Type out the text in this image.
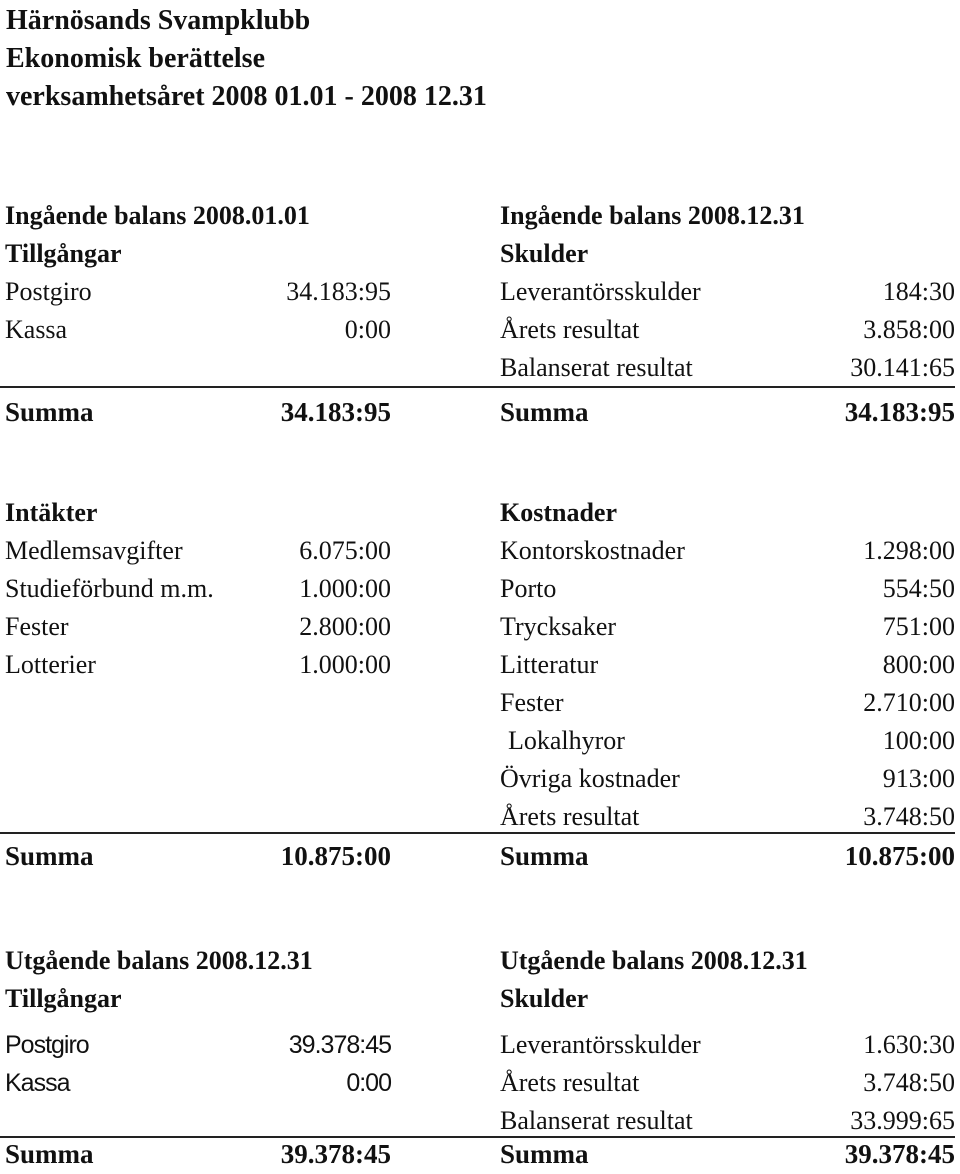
Härnösands Svampklubb
Ekonomisk berättelse
verksamhetsåret 2008 01.01 - 2008 12.31
Ingående balans 2008.01.01
Tillgångar
Postgiro	34.183:95
Kassa	0:00
Ingående balans 2008.12.31
Skulder
Leverantörsskulder	184:30
Årets resultat	3.858:00
Balanserat resultat	30.141:65
Summa	34.183:95	Summa	34.183:95
Intäkter
Medlemsavgifter	6.075:00
Studieförbund m.m.	1.000:00
Fester	2.800:00
Lotterier	1.000:00
Kostnader
Kontorskostnader	1.298:00
Porto	554:50
Trycksaker	751:00
Litteratur	800:00
Fester	2.710:00
Lokalhyror	100:00
Övriga kostnader	913:00
Årets resultat	3.748:50
Summa	10.875:00	Summa	10.875:00
Utgående balans 2008.12.31
Tillgångar
Postgiro	39.378:45
Kassa	0:00
Utgående balans 2008.12.31
Skulder
Leverantörsskulder	1.630:30
Årets resultat	3.748:50
Balanserat resultat	33.999:65
Summa	39.378:45	Summa	39.378:45
